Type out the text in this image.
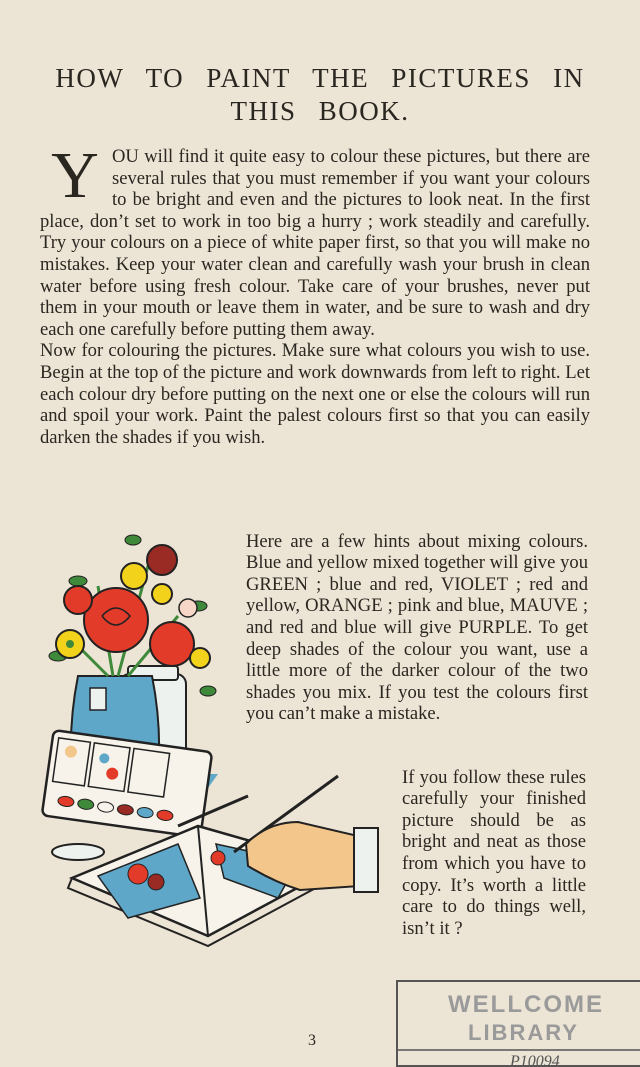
HOW TO PAINT THE PICTURES IN THIS BOOK.

YOU will find it quite easy to colour these pictures, but there are several rules that you must remember if you want your colours to be bright and even and the pictures to look neat. In the first place, don’t set to work in too big a hurry ; work steadily and carefully. Try your colours on a piece of white paper first, so that you will make no mistakes. Keep your water clean and carefully wash your brush in clean water before using fresh colour. Take care of your brushes, never put them in your mouth or leave them in water, and be sure to wash and dry each one carefully before putting them away.

Now for colouring the pictures. Make sure what colours you wish to use. Begin at the top of the picture and work downwards from left to right. Let each colour dry before putting on the next one or else the colours will run and spoil your work. Paint the palest colours first so that you can easily darken the shades if you wish.

Here are a few hints about mixing colours. Blue and yellow mixed together will give you GREEN ; blue and red, VIOLET ; red and yellow, ORANGE ; pink and blue, MAUVE ; and red and blue will give PURPLE. To get deep shades of the colour you want, use a little more of the darker colour of the two shades you mix. If you test the colours first you can’t make a mistake.

If you follow these rules carefully your finished picture should be as bright and neat as those from which you have to copy. It’s worth a little care to do things well, isn’t it ?

3
WELLCOME
LIBRARY
P10094
